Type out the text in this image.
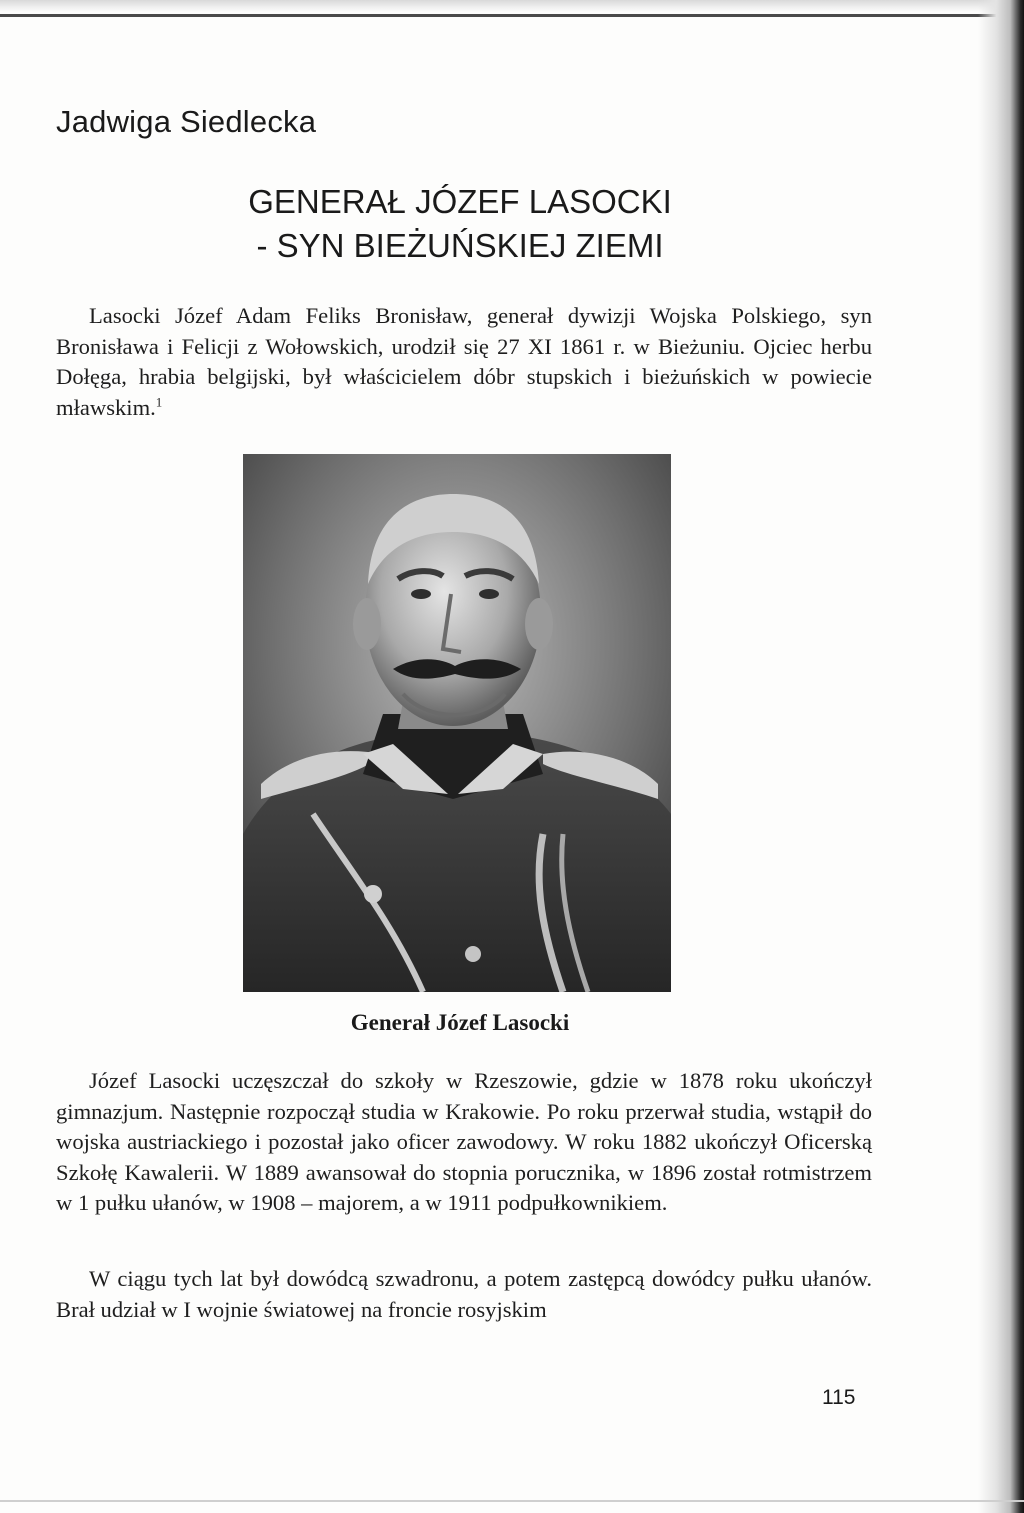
Jadwiga Siedlecka
GENERAŁ JÓZEF LASOCKI
- SYN BIEŻUŃSKIEJ ZIEMI

Lasocki Józef Adam Feliks Bronisław, generał dywizji Wojska Polskiego, syn Bronisława i Felicji z Wołowskich, urodził się 27 XI 1861 r. w Bieżuniu. Ojciec herbu Dołęga, hrabia belgijski, był właścicielem dóbr stupskich i bieżuńskich w powiecie mławskim.$^1$

Generał Józef Lasocki

Józef Lasocki uczęszczał do szkoły w Rzeszowie, gdzie w 1878 roku ukończył gimnazjum. Następnie rozpoczął studia w Krakowie. Po roku przerwał studia, wstąpił do wojska austriackiego i pozostał jako oficer zawodowy. W roku 1882 ukończył Oficerską Szkołę Kawalerii. W 1889 awansował do stopnia porucznika, w 1896 został rotmistrzem w 1 pułku ułanów, w 1908 – majorem, a w 1911 podpułkownikiem.

W ciągu tych lat był dowódcą szwadronu, a potem zastępcą dowódcy pułku ułanów. Brał udział w I wojnie światowej na froncie rosyjskim

115
